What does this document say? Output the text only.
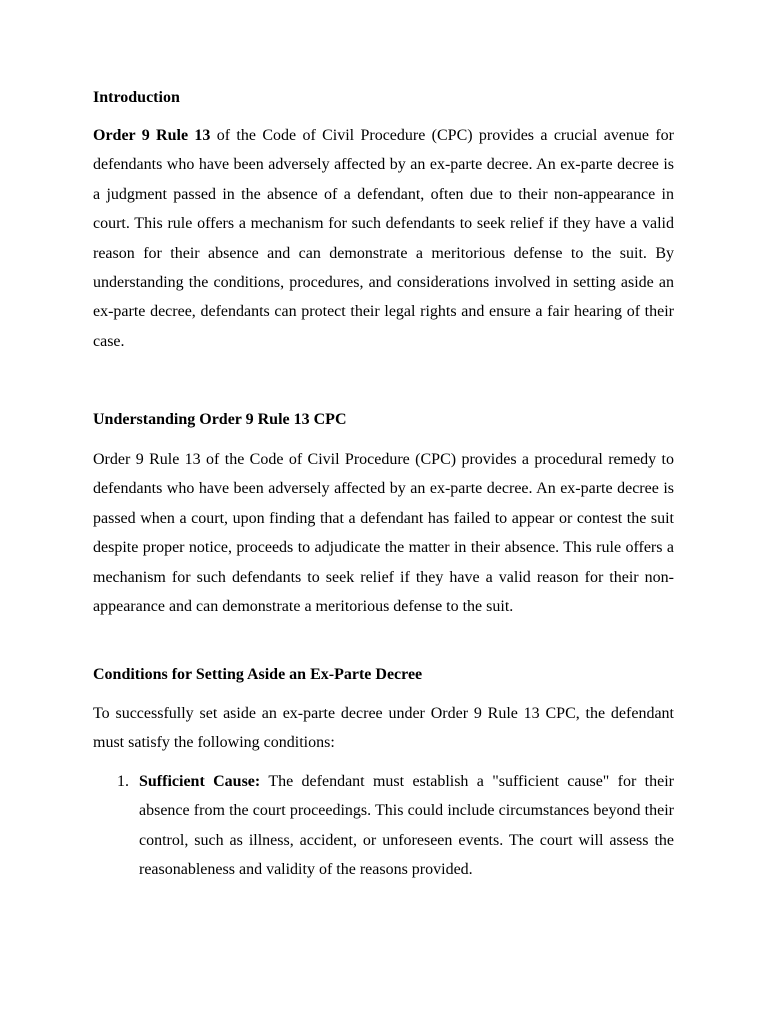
Introduction

Order 9 Rule 13 of the Code of Civil Procedure (CPC) provides a crucial avenue for defendants who have been adversely affected by an ex-parte decree. An ex-parte decree is a judgment passed in the absence of a defendant, often due to their non-appearance in court. This rule offers a mechanism for such defendants to seek relief if they have a valid reason for their absence and can demonstrate a meritorious defense to the suit. By understanding the conditions, procedures, and considerations involved in setting aside an ex-parte decree, defendants can protect their legal rights and ensure a fair hearing of their case.

Understanding Order 9 Rule 13 CPC

Order 9 Rule 13 of the Code of Civil Procedure (CPC) provides a procedural remedy to defendants who have been adversely affected by an ex-parte decree. An ex-parte decree is passed when a court, upon finding that a defendant has failed to appear or contest the suit despite proper notice, proceeds to adjudicate the matter in their absence. This rule offers a mechanism for such defendants to seek relief if they have a valid reason for their non-appearance and can demonstrate a meritorious defense to the suit.

Conditions for Setting Aside an Ex-Parte Decree

To successfully set aside an ex-parte decree under Order 9 Rule 13 CPC, the defendant must satisfy the following conditions:

1. Sufficient Cause: The defendant must establish a "sufficient cause" for their absence from the court proceedings. This could include circumstances beyond their control, such as illness, accident, or unforeseen events. The court will assess the reasonableness and validity of the reasons provided.
